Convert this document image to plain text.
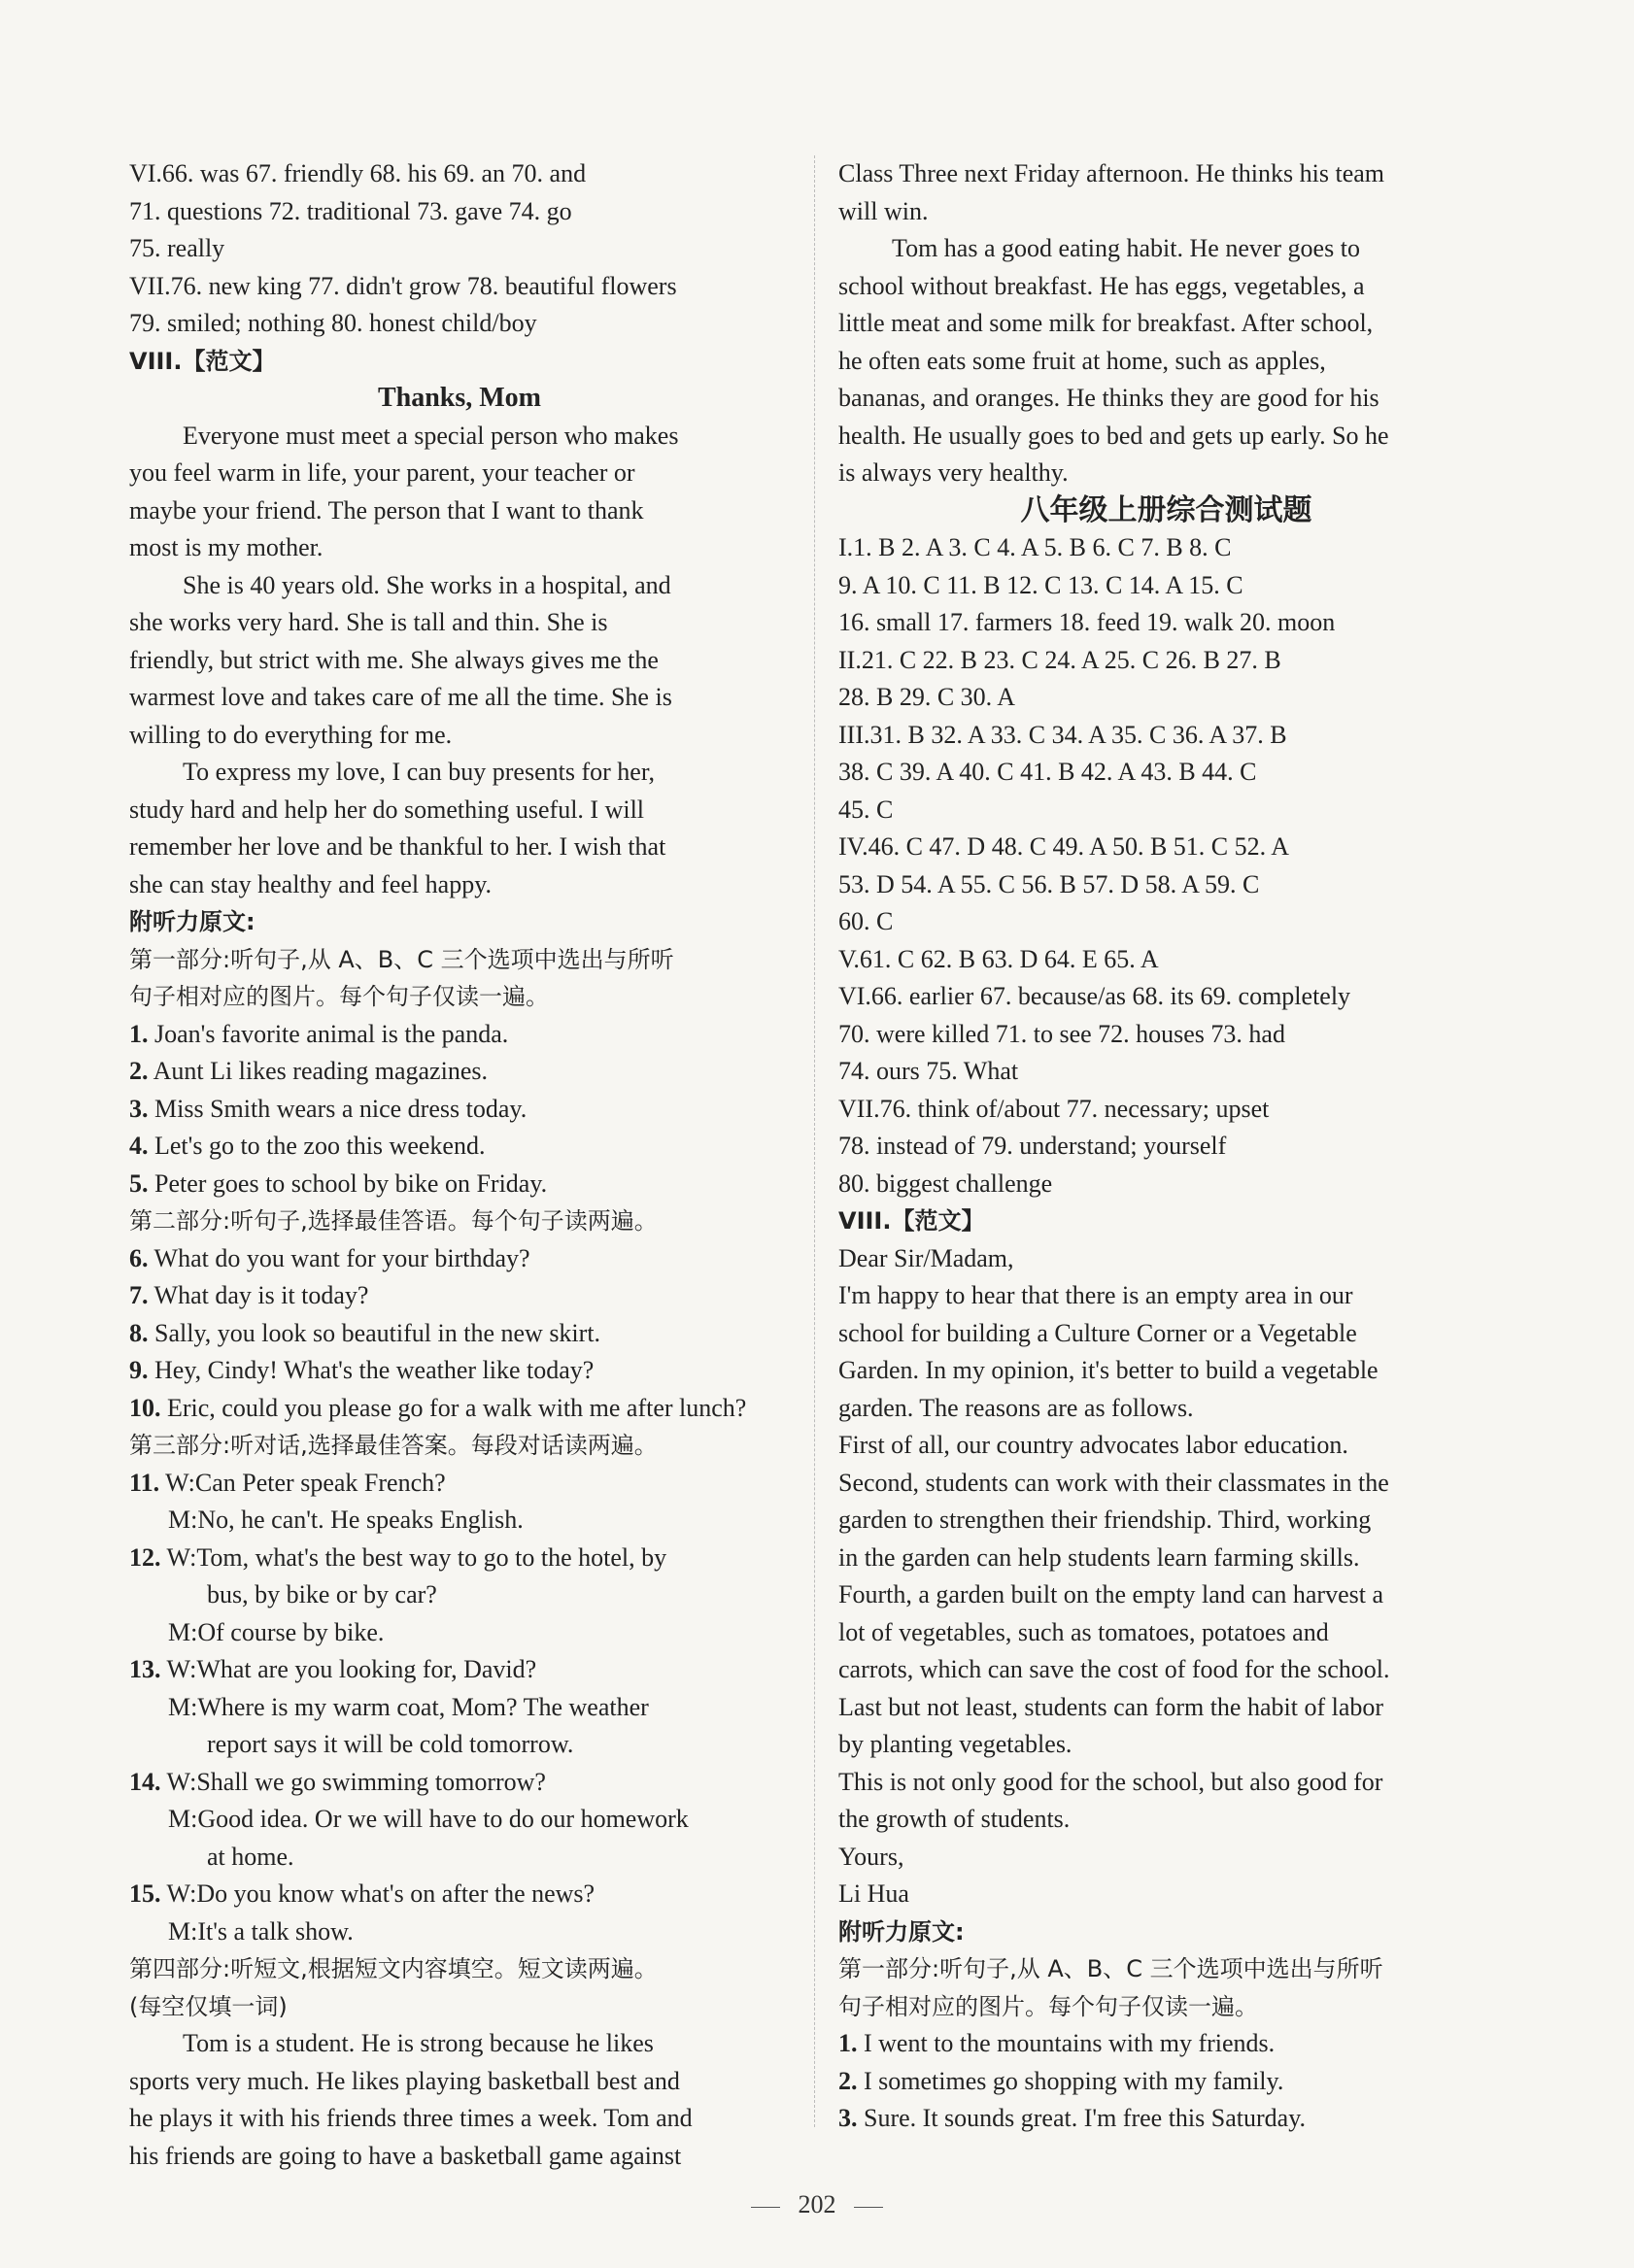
VI.66. was 67. friendly 68. his 69. an 70. and
71. questions 72. traditional 73. gave 74. go
75. really
VII.76. new king 77. didn't grow 78. beautiful flowers
79. smiled; nothing 80. honest child/boy
VIII.【范文】
Thanks, Mom
Everyone must meet a special person who makes
you feel warm in life, your parent, your teacher or
maybe your friend. The person that I want to thank
most is my mother.
She is 40 years old. She works in a hospital, and
she works very hard. She is tall and thin. She is
friendly, but strict with me. She always gives me the
warmest love and takes care of me all the time. She is
willing to do everything for me.
To express my love, I can buy presents for her,
study hard and help her do something useful. I will
remember her love and be thankful to her. I wish that
she can stay healthy and feel happy.
附听力原文:
第一部分:听句子,从 A、B、C 三个选项中选出与所听
句子相对应的图片。每个句子仅读一遍。
1. Joan's favorite animal is the panda.
2. Aunt Li likes reading magazines.
3. Miss Smith wears a nice dress today.
4. Let's go to the zoo this weekend.
5. Peter goes to school by bike on Friday.
第二部分:听句子,选择最佳答语。每个句子读两遍。
6. What do you want for your birthday?
7. What day is it today?
8. Sally, you look so beautiful in the new skirt.
9. Hey, Cindy! What's the weather like today?
10. Eric, could you please go for a walk with me after lunch?
第三部分:听对话,选择最佳答案。每段对话读两遍。
11. W:Can Peter speak French?
M:No, he can't. He speaks English.
12. W:Tom, what's the best way to go to the hotel, by
bus, by bike or by car?
M:Of course by bike.
13. W:What are you looking for, David?
M:Where is my warm coat, Mom? The weather
report says it will be cold tomorrow.
14. W:Shall we go swimming tomorrow?
M:Good idea. Or we will have to do our homework
at home.
15. W:Do you know what's on after the news?
M:It's a talk show.
第四部分:听短文,根据短文内容填空。短文读两遍。
(每空仅填一词)
Tom is a student. He is strong because he likes
sports very much. He likes playing basketball best and
he plays it with his friends three times a week. Tom and
his friends are going to have a basketball game against
Class Three next Friday afternoon. He thinks his team
will win.
Tom has a good eating habit. He never goes to
school without breakfast. He has eggs, vegetables, a
little meat and some milk for breakfast. After school,
he often eats some fruit at home, such as apples,
bananas, and oranges. He thinks they are good for his
health. He usually goes to bed and gets up early. So he
is always very healthy.
八年级上册综合测试题
I.1. B 2. A 3. C 4. A 5. B 6. C 7. B 8. C
9. A 10. C 11. B 12. C 13. C 14. A 15. C
16. small 17. farmers 18. feed 19. walk 20. moon
II.21. C 22. B 23. C 24. A 25. C 26. B 27. B
28. B 29. C 30. A
III.31. B 32. A 33. C 34. A 35. C 36. A 37. B
38. C 39. A 40. C 41. B 42. A 43. B 44. C
45. C
IV.46. C 47. D 48. C 49. A 50. B 51. C 52. A
53. D 54. A 55. C 56. B 57. D 58. A 59. C
60. C
V.61. C 62. B 63. D 64. E 65. A
VI.66. earlier 67. because/as 68. its 69. completely
70. were killed 71. to see 72. houses 73. had
74. ours 75. What
VII.76. think of/about 77. necessary; upset
78. instead of 79. understand; yourself
80. biggest challenge
VIII.【范文】
Dear Sir/Madam,
I'm happy to hear that there is an empty area in our
school for building a Culture Corner or a Vegetable
Garden. In my opinion, it's better to build a vegetable
garden. The reasons are as follows.
First of all, our country advocates labor education.
Second, students can work with their classmates in the
garden to strengthen their friendship. Third, working
in the garden can help students learn farming skills.
Fourth, a garden built on the empty land can harvest a
lot of vegetables, such as tomatoes, potatoes and
carrots, which can save the cost of food for the school.
Last but not least, students can form the habit of labor
by planting vegetables.
This is not only good for the school, but also good for
the growth of students.
Yours,
Li Hua
附听力原文:
第一部分:听句子,从 A、B、C 三个选项中选出与所听
句子相对应的图片。每个句子仅读一遍。
1. I went to the mountains with my friends.
2. I sometimes go shopping with my family.
3. Sure. It sounds great. I'm free this Saturday.
202
